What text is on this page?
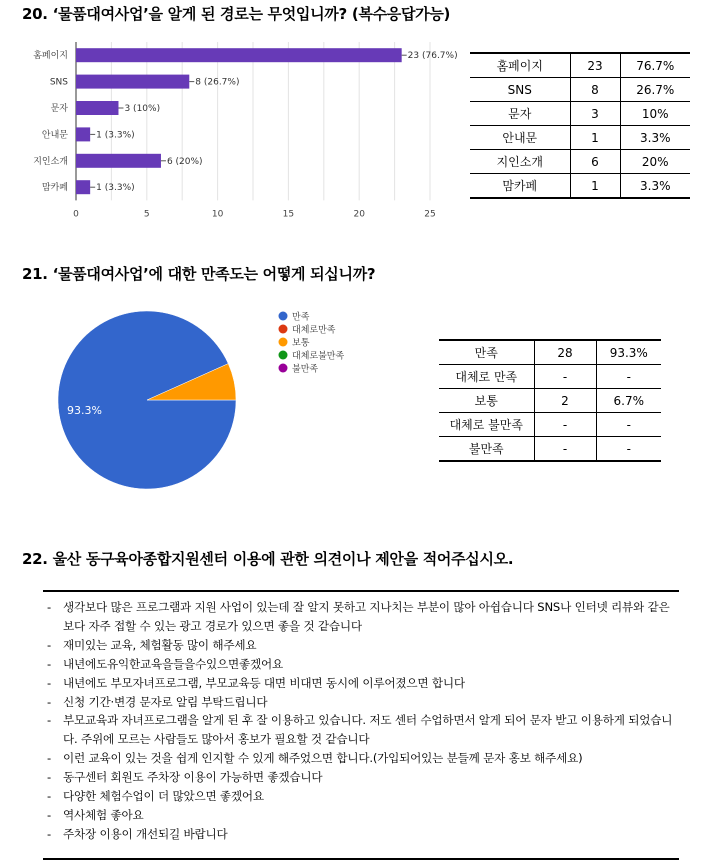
20. ‘물품대여사업’을 알게 된 경로는 무엇입니까? (복수응답가능)
홈페이지
SNS
문자
안내문
지인소개
맘카페
23 (76.7%)
8 (26.7%)
3 (10%)
1 (3.3%)
6 (20%)
1 (3.3%)
0	5	10	15	20	25
홈페이지	23	76.7%
SNS	8	26.7%
문자	3	10%
안내문	1	3.3%
지인소개	6	20%
맘카페	1	3.3%
21. ‘물품대여사업’에 대한 만족도는 어떻게 되십니까?
93.3%
만족
대체로만족
보통
대체로불만족
불만족
만족	28	93.3%
대체로 만족	-	-
보통	2	6.7%
대체로 불만족	-	-
불만족	-	-
22. 울산 동구육아종합지원센터 이용에 관한 의견이나 제안을 적어주십시오.
- 생각보다 많은 프로그램과 지원 사업이 있는데 잘 알지 못하고 지나치는 부분이 많아 아쉽습니다 SNS나 인터넷 리뷰와 같은 보다 자주 접할 수 있는 광고 경로가 있으면 좋을 것 같습니다
- 재미있는 교육, 체험활동 많이 해주세요
- 내년에도유익한교육을들을수있으면좋겠어요
- 내년에도 부모자녀프로그램, 부모교육등 대면 비대면 동시에 이루어졌으면 합니다
- 신청 기간·변경 문자로 알림 부탁드립니다
- 부모교육과 자녀프로그램을 알게 된 후 잘 이용하고 있습니다. 저도 센터 수업하면서 알게 되어 문자 받고 이용하게 되었습니다. 주위에 모르는 사람들도 많아서 홍보가 필요할 것 같습니다
- 이런 교육이 있는 것을 쉽게 인지할 수 있게 해주었으면 합니다.(가입되어있는 분들께 문자 홍보 해주세요)
- 동구센터 회원도 주차장 이용이 가능하면 좋겠습니다
- 다양한 체험수업이 더 많았으면 좋겠어요
- 역사체험 좋아요
- 주차장 이용이 개선되길 바랍니다
